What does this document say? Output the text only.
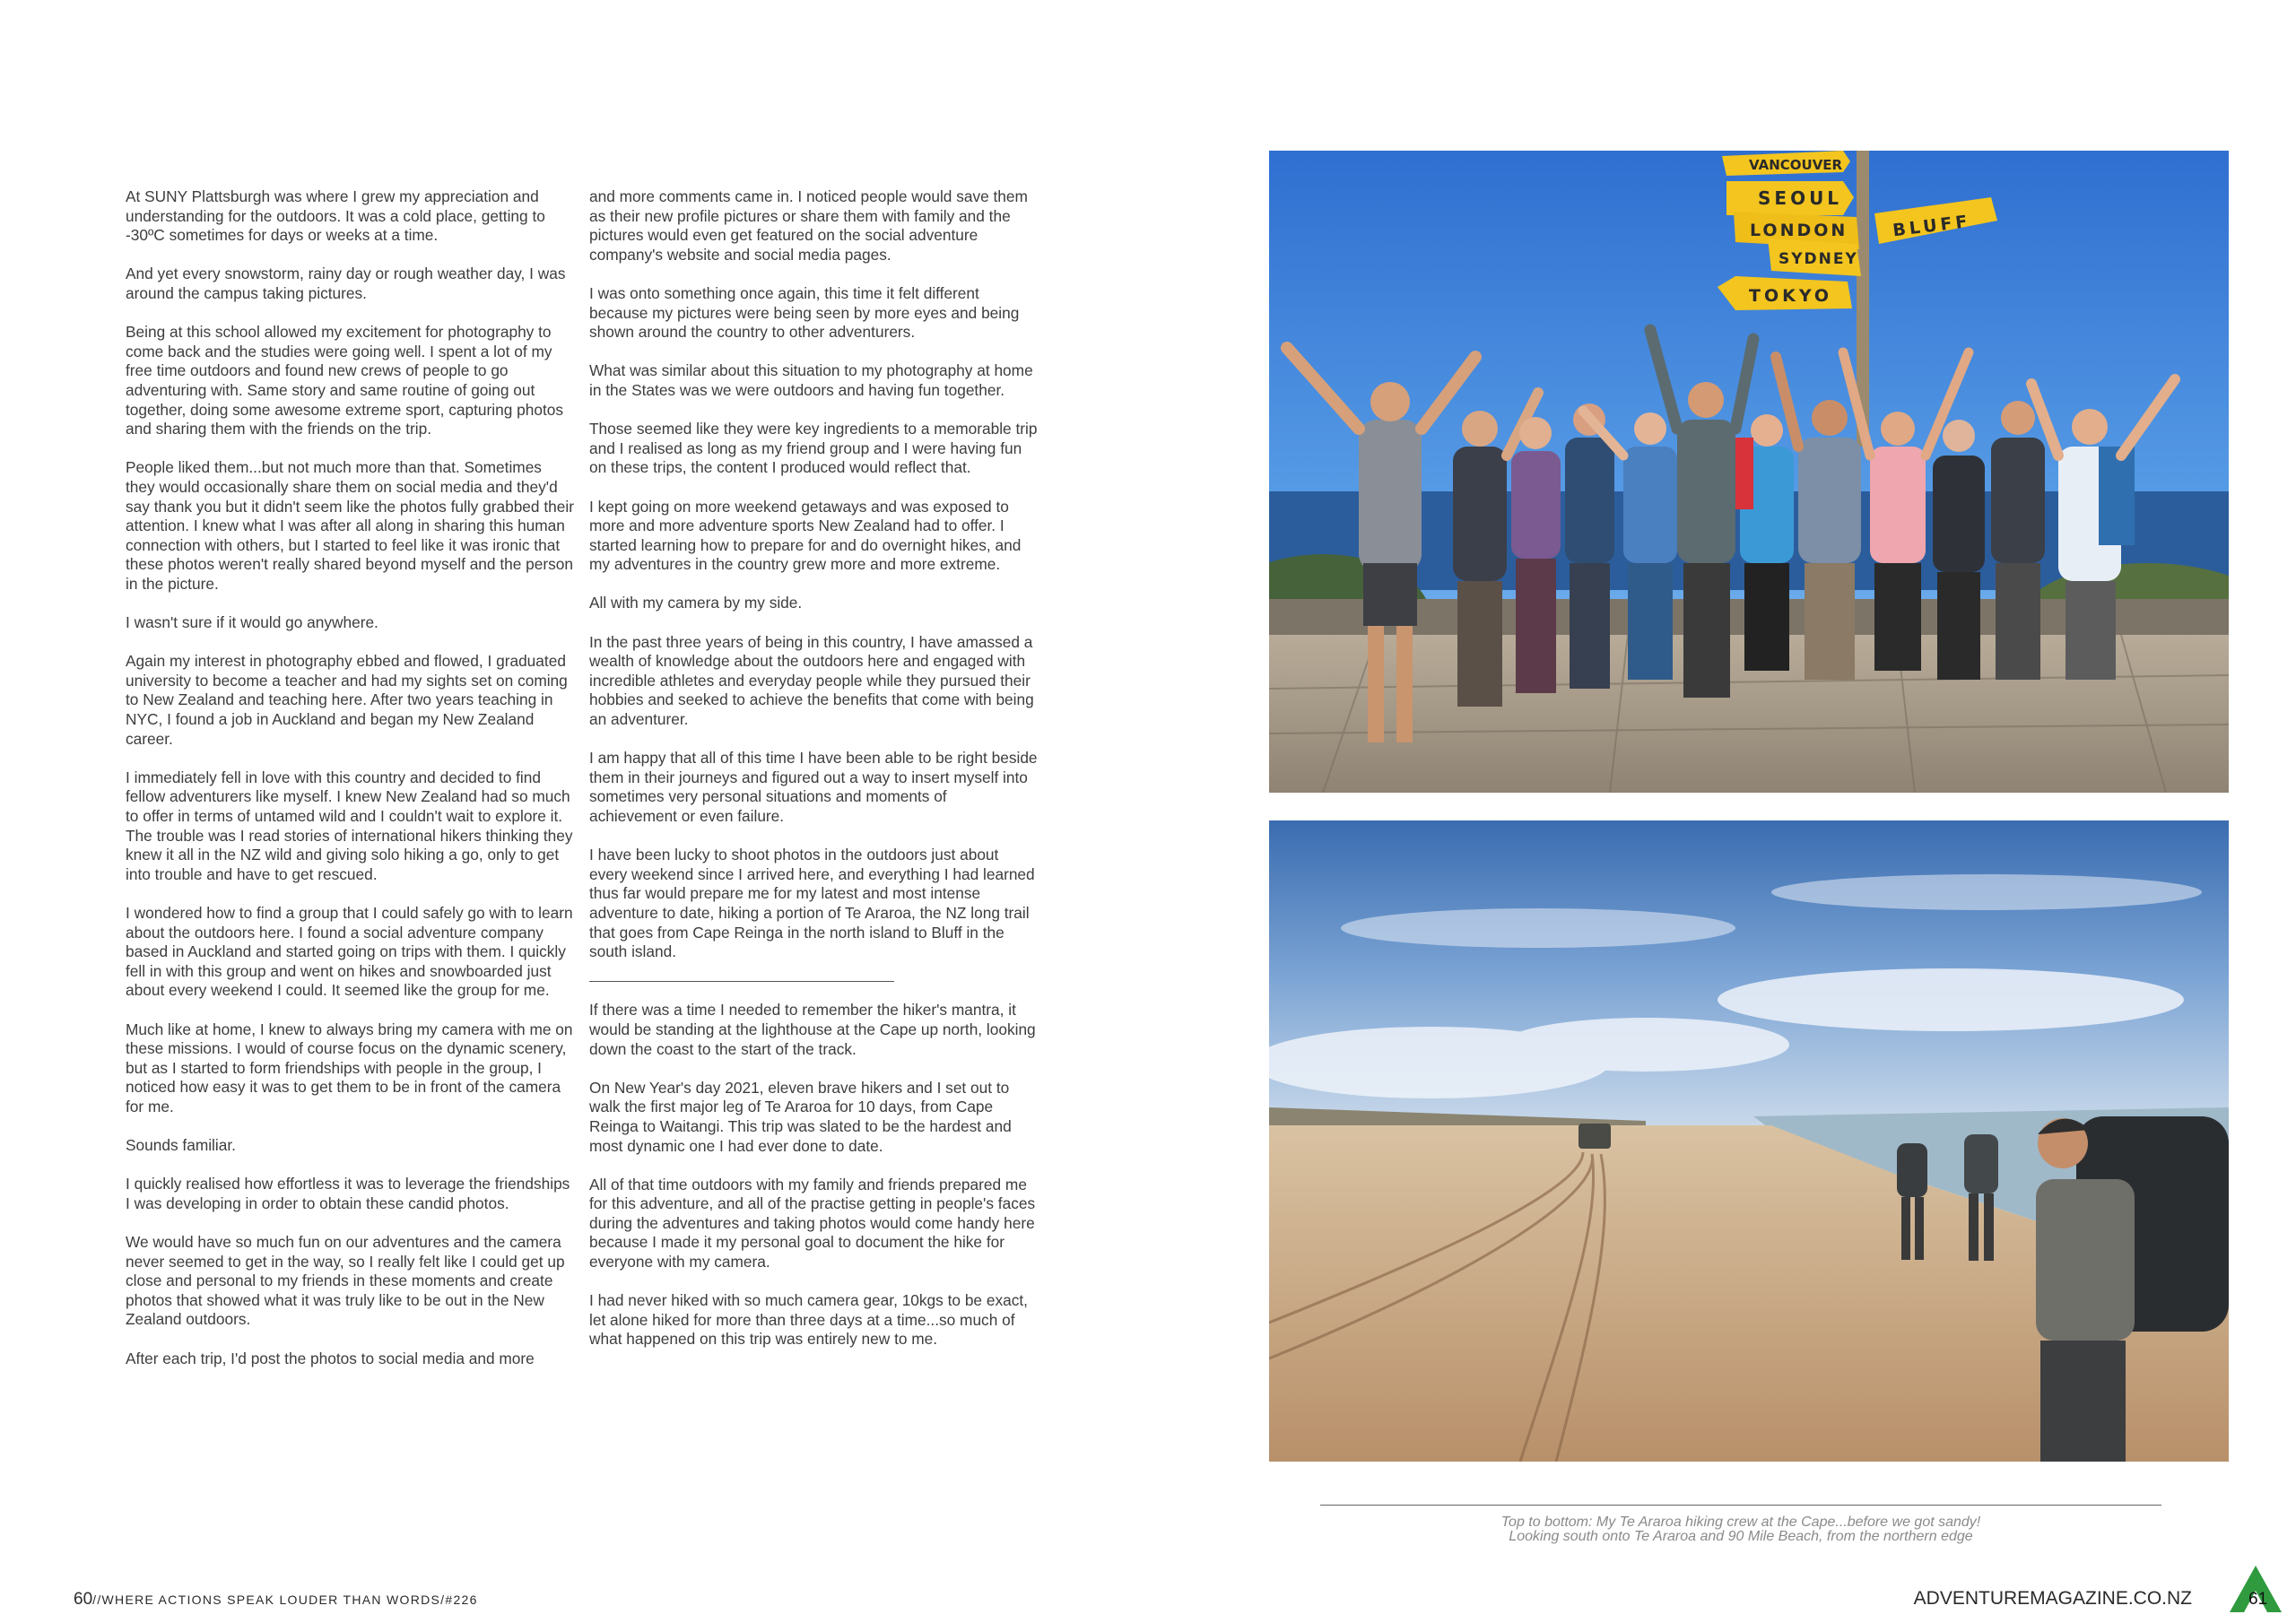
At SUNY Plattsburgh was where I grew my appreciation and understanding for the outdoors. It was a cold place, getting to -30ºC sometimes for days or weeks at a time.

And yet every snowstorm, rainy day or rough weather day, I was around the campus taking pictures.

Being at this school allowed my excitement for photography to come back and the studies were going well. I spent a lot of my free time outdoors and found new crews of people to go adventuring with. Same story and same routine of going out together, doing some awesome extreme sport, capturing photos and sharing them with the friends on the trip.

People liked them...but not much more than that. Sometimes they would occasionally share them on social media and they'd say thank you but it didn't seem like the photos fully grabbed their attention. I knew what I was after all along in sharing this human connection with others, but I started to feel like it was ironic that these photos weren't really shared beyond myself and the person in the picture.

I wasn't sure if it would go anywhere.

Again my interest in photography ebbed and flowed, I graduated university to become a teacher and had my sights set on coming to New Zealand and teaching here. After two years teaching in NYC, I found a job in Auckland and began my New Zealand career.

I immediately fell in love with this country and decided to find fellow adventurers like myself. I knew New Zealand had so much to offer in terms of untamed wild and I couldn't wait to explore it. The trouble was I read stories of international hikers thinking they knew it all in the NZ wild and giving solo hiking a go, only to get into trouble and have to get rescued.

I wondered how to find a group that I could safely go with to learn about the outdoors here. I found a social adventure company based in Auckland and started going on trips with them. I quickly fell in with this group and went on hikes and snowboarded just about every weekend I could. It seemed like the group for me.

Much like at home, I knew to always bring my camera with me on these missions. I would of course focus on the dynamic scenery, but as I started to form friendships with people in the group, I noticed how easy it was to get them to be in front of the camera for me.

Sounds familiar.

I quickly realised how effortless it was to leverage the friendships I was developing in order to obtain these candid photos.

We would have so much fun on our adventures and the camera never seemed to get in the way, so I really felt like I could get up close and personal to my friends in these moments and create photos that showed what it was truly like to be out in the New Zealand outdoors.

After each trip, I'd post the photos to social media and more

and more comments came in. I noticed people would save them as their new profile pictures or share them with family and the pictures would even get featured on the social adventure company's website and social media pages.

I was onto something once again, this time it felt different because my pictures were being seen by more eyes and being shown around the country to other adventurers.

What was similar about this situation to my photography at home in the States was we were outdoors and having fun together.

Those seemed like they were key ingredients to a memorable trip and I realised as long as my friend group and I were having fun on these trips, the content I produced would reflect that.

I kept going on more weekend getaways and was exposed to more and more adventure sports New Zealand had to offer. I started learning how to prepare for and do overnight hikes, and my adventures in the country grew more and more extreme.

All with my camera by my side.

In the past three years of being in this country, I have amassed a wealth of knowledge about the outdoors here and engaged with incredible athletes and everyday people while they pursued their hobbies and seeked to achieve the benefits that come with being an adventurer.

I am happy that all of this time I have been able to be right beside them in their journeys and figured out a way to insert myself into sometimes very personal situations and moments of achievement or even failure.

I have been lucky to shoot photos in the outdoors just about every weekend since I arrived here, and everything I had learned thus far would prepare me for my latest and most intense adventure to date, hiking a portion of Te Araroa, the NZ long trail that goes from Cape Reinga in the north island to Bluff in the south island.

If there was a time I needed to remember the hiker's mantra, it would be standing at the lighthouse at the Cape up north, looking down the coast to the start of the track.

On New Year's day 2021, eleven brave hikers and I set out to walk the first major leg of Te Araroa for 10 days, from Cape Reinga to Waitangi. This trip was slated to be the hardest and most dynamic one I had ever done to date.

All of that time outdoors with my family and friends prepared me for this adventure, and all of the practise getting in people's faces during the adventures and taking photos would come handy here because I made it my personal goal to document the hike for everyone with my camera.

I had never hiked with so much camera gear, 10kgs to be exact, let alone hiked for more than three days at a time...so much of what happened on this trip was entirely new to me.

VANCOUVER
SEOUL
LONDON
SYDNEY
BLUFF
TOKYO
Top to bottom: My Te Araroa hiking crew at the Cape...before we got sandy!
Looking south onto Te Araroa and 90 Mile Beach, from the northern edge
60//WHERE ACTIONS SPEAK LOUDER THAN WORDS/#226	ADVENTUREMAGAZINE.CO.NZ	61
